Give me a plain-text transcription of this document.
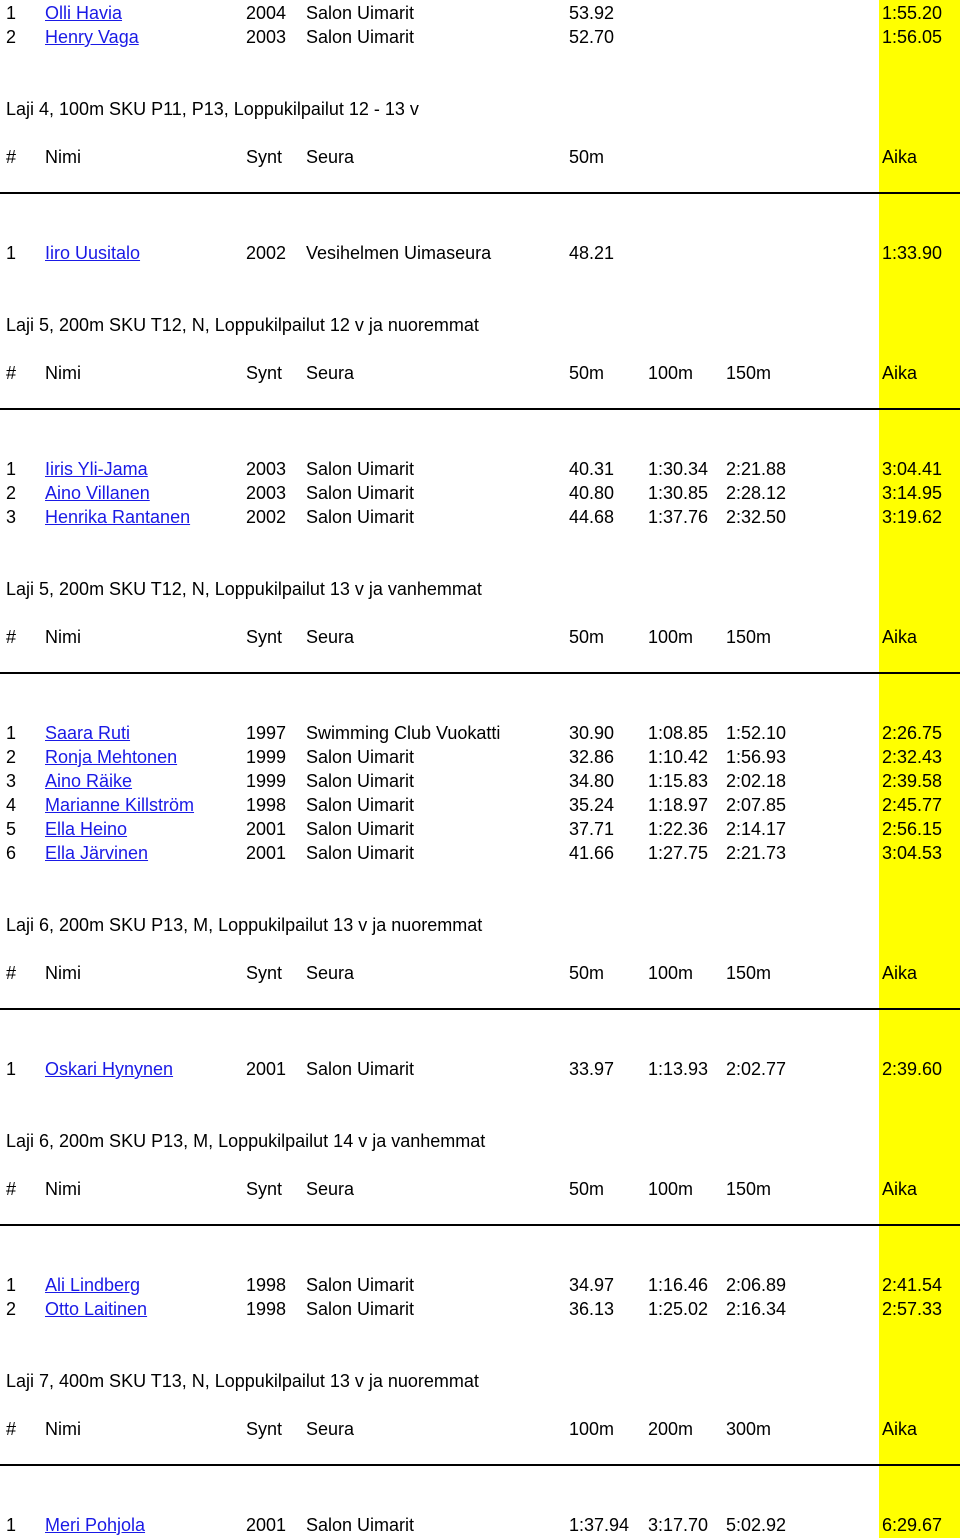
1 Olli Havia	2004 Salon Uimarit	53.92	1:55.20
2 Henry Vaga	2003 Salon Uimarit	52.70	1:56.05
Laji 4, 100m SKU P11, P13, Loppukilpailut 12 - 13 v
# Nimi	Synt Seura	50m	Aika
1 Iiro Uusitalo	2002 Vesihelmen Uimaseura	48.21	1:33.90
Laji 5, 200m SKU T12, N, Loppukilpailut 12 v ja nuoremmat
# Nimi	Synt Seura	50m 100m 150m	Aika
1 Iiris Yli-Jama	2003 Salon Uimarit	40.31 1:30.34 2:21.88	3:04.41
2 Aino Villanen	2003 Salon Uimarit	40.80 1:30.85 2:28.12	3:14.95
3 Henrika Rantanen	2002 Salon Uimarit	44.68 1:37.76 2:32.50	3:19.62
Laji 5, 200m SKU T12, N, Loppukilpailut 13 v ja vanhemmat
# Nimi	Synt Seura	50m 100m 150m	Aika
1 Saara Ruti	1997 Swimming Club Vuokatti	30.90 1:08.85 1:52.10	2:26.75
2 Ronja Mehtonen	1999 Salon Uimarit	32.86 1:10.42 1:56.93	2:32.43
3 Aino Räike	1999 Salon Uimarit	34.80 1:15.83 2:02.18	2:39.58
4 Marianne Killström	1998 Salon Uimarit	35.24 1:18.97 2:07.85	2:45.77
5 Ella Heino	2001 Salon Uimarit	37.71 1:22.36 2:14.17	2:56.15
6 Ella Järvinen	2001 Salon Uimarit	41.66 1:27.75 2:21.73	3:04.53
Laji 6, 200m SKU P13, M, Loppukilpailut 13 v ja nuoremmat
# Nimi	Synt Seura	50m 100m 150m	Aika
1 Oskari Hynynen	2001 Salon Uimarit	33.97 1:13.93 2:02.77	2:39.60
Laji 6, 200m SKU P13, M, Loppukilpailut 14 v ja vanhemmat
# Nimi	Synt Seura	50m 100m 150m	Aika
1 Ali Lindberg	1998 Salon Uimarit	34.97 1:16.46 2:06.89	2:41.54
2 Otto Laitinen	1998 Salon Uimarit	36.13 1:25.02 2:16.34	2:57.33
Laji 7, 400m SKU T13, N, Loppukilpailut 13 v ja nuoremmat
# Nimi	Synt Seura	100m 200m 300m	Aika
1 Meri Pohjola	2001 Salon Uimarit	1:37.94 3:17.70 5:02.92	6:29.67
